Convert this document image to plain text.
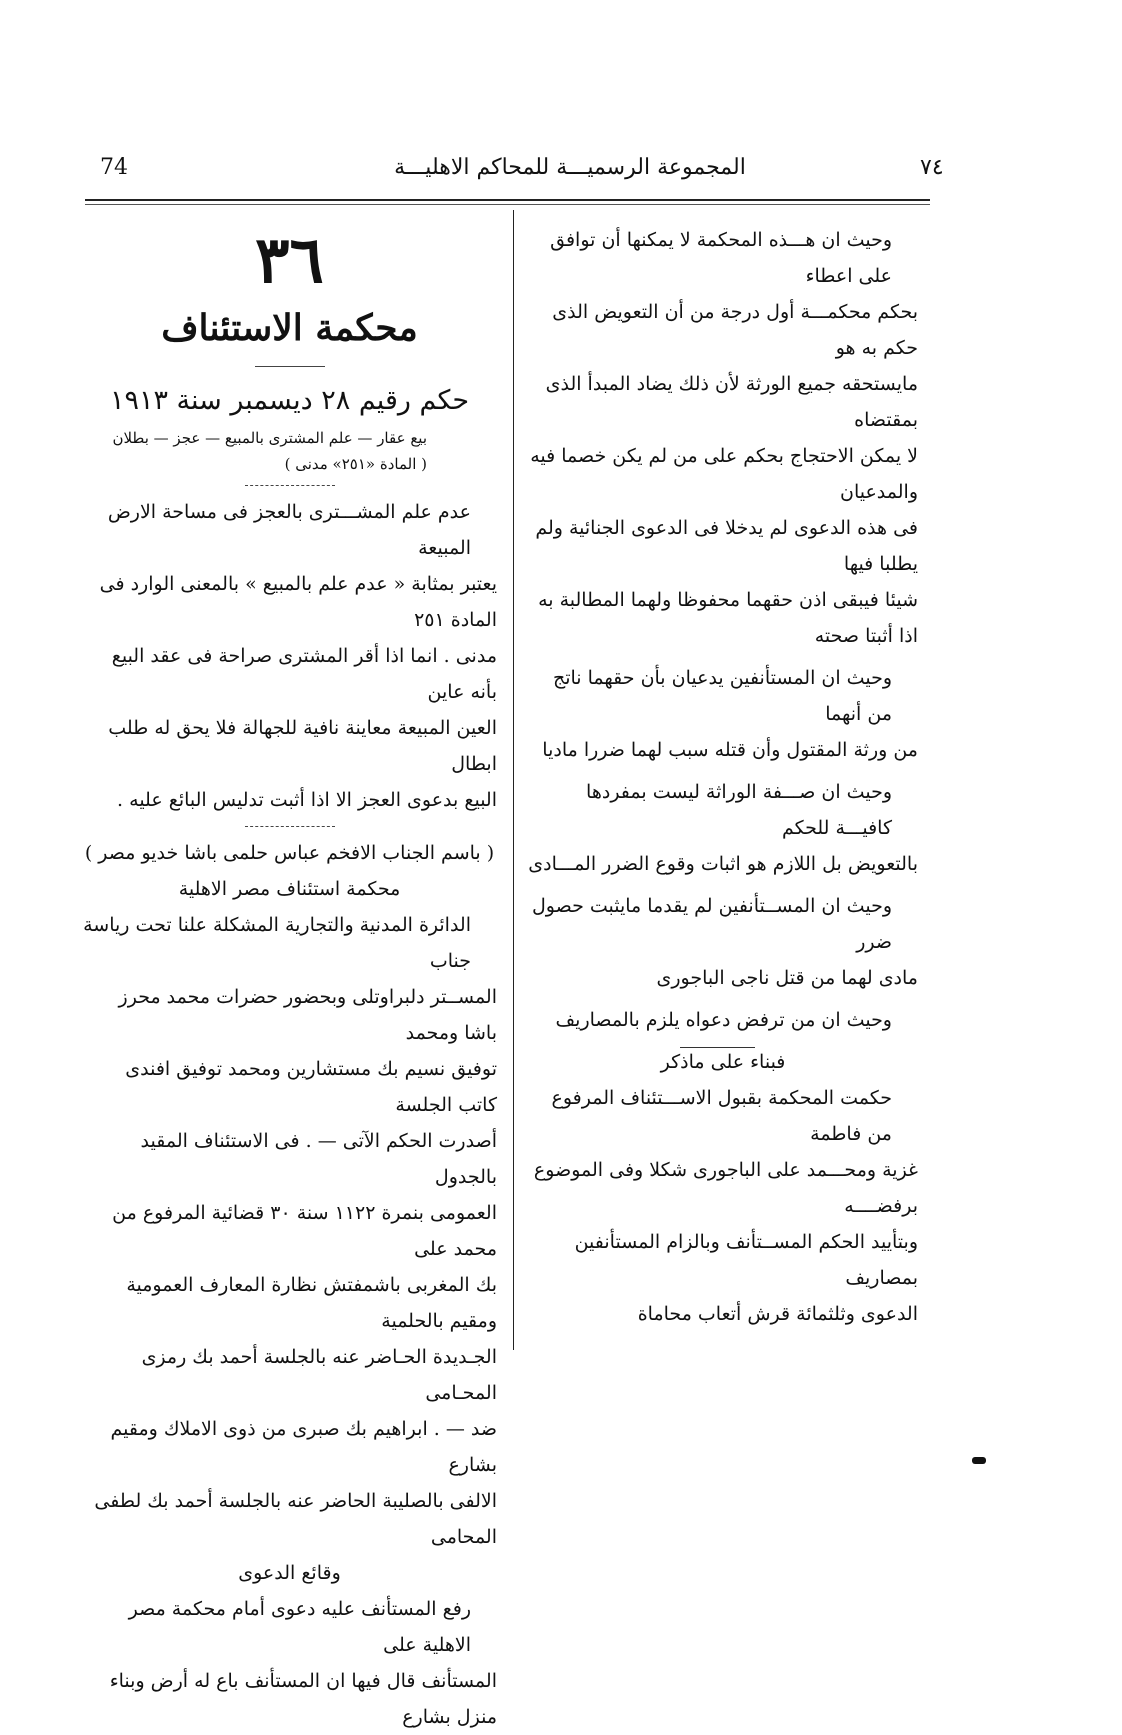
74	المجموعة الرسميـــة للمحاكم الاهليـــة	٧٤

وحيث ان هـــذه المحكمة لا يمكنها أن توافق على اعطاء

بحكم محكمـــة أول درجة من أن التعويض الذى حكم به هو

مايستحقه جميع الورثة لأن ذلك يضاد المبدأ الذى بمقتضاه

لا يمكن الاحتجاج بحكم على من لم يكن خصما فيه والمدعيان

فى هذه الدعوى لم يدخلا فى الدعوى الجنائية ولم يطلبا فيها

شيئا فيبقى اذن حقهما محفوظا ولهما المطالبة به اذا أثبتا صحته

وحيث ان المستأنفين يدعيان بأن حقهما ناتج من أنهما

من ورثة المقتول وأن قتله سبب لهما ضررا ماديا

وحيث ان صـــفة الوراثة ليست بمفردها كافيـــة للحكم

بالتعويض بل اللازم هو اثبات وقوع الضرر المـــادى

وحيث ان المســتأنفين لم يقدما مايثبت حصول ضرر

مادى لهما من قتل ناجى الباجورى

وحيث ان من ترفض دعواه يلزم بالمصاريف

فبناء على ماذكر

حكمت المحكمة بقبول الاســـتئناف المرفوع من فاطمة

غزية ومحـــمد على الباجورى شكلا وفى الموضوع برفضــــه

وبتأييد الحكم المســتأنف وبالزام المستأنفين بمصاريف

الدعوى وثلثمائة قرش أتعاب محاماة

٣٦

محكمة الاستئناف

حكم رقيم ٢٨ ديسمبر سنة ١٩١٣

بيع عقار — علم المشترى بالمبيع — عجز — بطلان

( المادة «٢٥١» مدنى )

عدم علم المشـــترى بالعجز فى مساحة الارض المبيعة

يعتبر بمثابة « عدم علم بالمبيع » بالمعنى الوارد فى المادة ٢٥١

مدنى . انما اذا أقر المشترى صراحة فى عقد البيع بأنه عاين

العين المبيعة معاينة نافية للجهالة فلا يحق له طلب ابطال

البيع بدعوى العجز الا اذا أثبت تدليس البائع عليه .

( باسم الجناب الافخم عباس حلمى باشا خديو مصر )

محكمة استئناف مصر الاهلية

الدائرة المدنية والتجارية المشكلة علنا تحت رياسة جناب

المســتر دلبراوتلى وبحضور حضرات محمد محرز باشا ومحمد

توفيق نسيم بك مستشارين ومحمد توفيق افندى كاتب الجلسة

أصدرت الحكم الآتى — . فى الاستئناف المقيد بالجدول

العمومى بنمرة ١١٢٢ سنة ٣٠ قضائية المرفوع من محمد على

بك المغربى باشمفتش نظارة المعارف العمومية ومقيم بالحلمية

الجـديدة الحـاضر عنه بالجلسة أحمد بك رمزى المحـامى

ضد — . ابراهيم بك صبرى من ذوى الاملاك ومقيم بشارع

الالفى بالصليبة الحاضر عنه بالجلسة أحمد بك لطفى المحامى

وقائع الدعوى

رفع المستأنف عليه دعوى أمام محكمة مصر الاهلية على

المستأنف قال فيها ان المستأنف باع له أرض وبناء منزل بشارع
